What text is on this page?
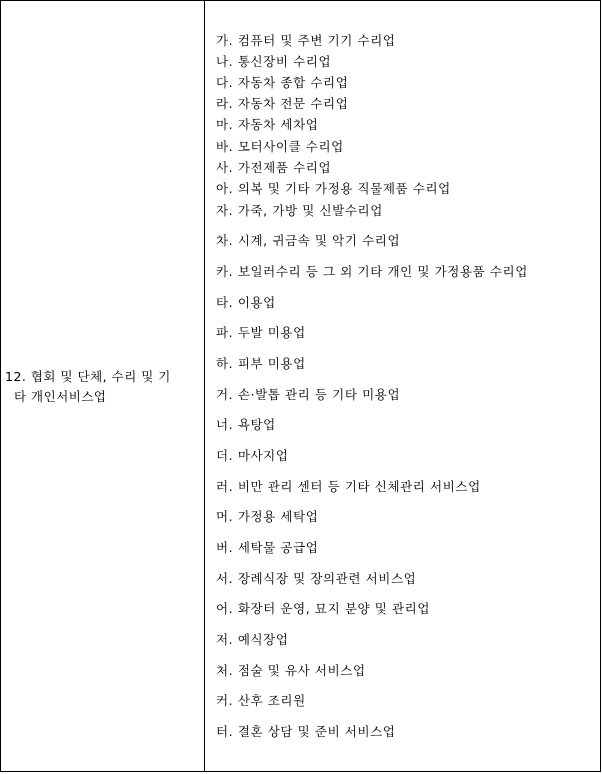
12. 협회 및 단체, 수리 및 기
타 개인서비스업
가. 컴퓨터 및 주변 기기 수리업
나. 통신장비 수리업
다. 자동차 종합 수리업
라. 자동차 전문 수리업
마. 자동차 세차업
바. 모터사이클 수리업
사. 가전제품 수리업
아. 의복 및 기타 가정용 직물제품 수리업
자. 가죽, 가방 및 신발수리업
차. 시계, 귀금속 및 악기 수리업
카. 보일러수리 등 그 외 기타 개인 및 가정용품 수리업
타. 이용업
파. 두발 미용업
하. 피부 미용업
거. 손·발톱 관리 등 기타 미용업
너. 욕탕업
더. 마사지업
러. 비만 관리 센터 등 기타 신체관리 서비스업
머. 가정용 세탁업
버. 세탁물 공급업
서. 장례식장 및 장의관련 서비스업
어. 화장터 운영, 묘지 분양 및 관리업
저. 예식장업
처. 점술 및 유사 서비스업
커. 산후 조리원
터. 결혼 상담 및 준비 서비스업
